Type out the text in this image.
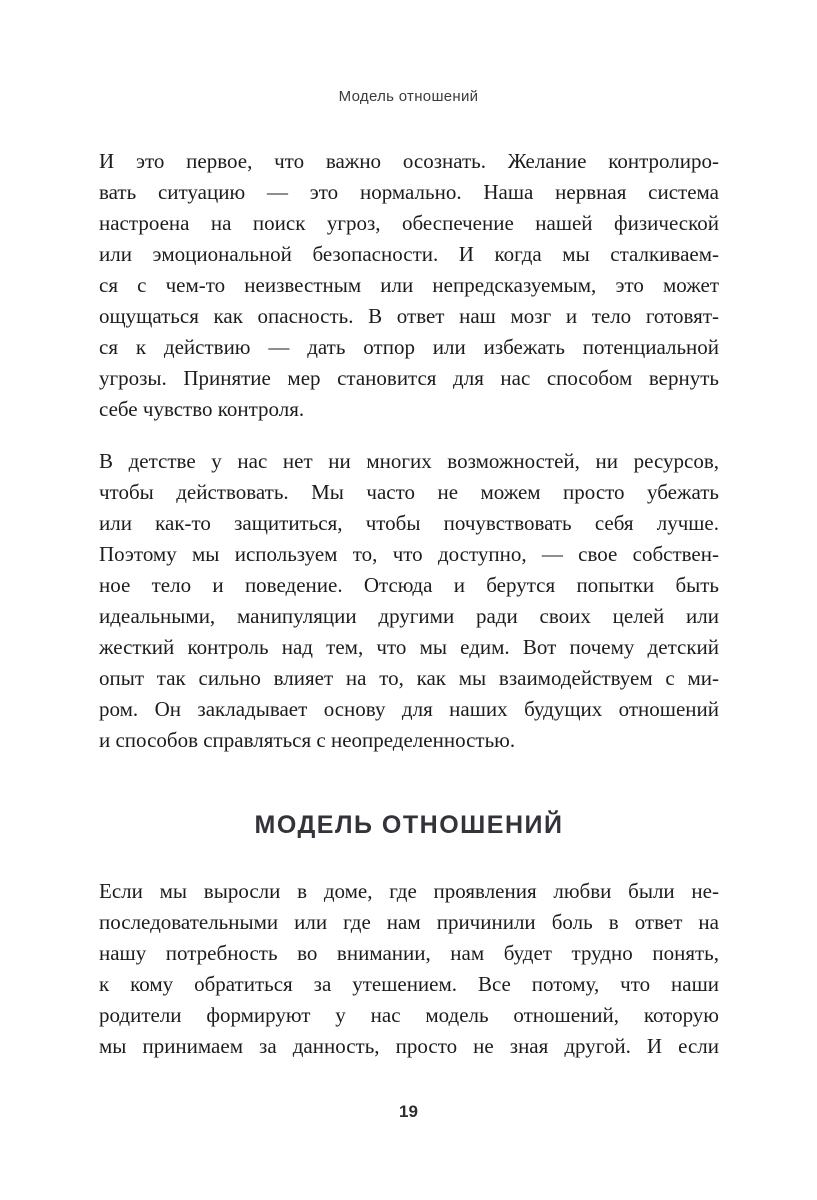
Модель отношений
И это первое, что важно осознать. Желание контролиро-
вать ситуацию — это нормально. Наша нервная система
настроена на поиск угроз, обеспечение нашей физической
или эмоциональной безопасности. И когда мы сталкиваем-
ся с чем-то неизвестным или непредсказуемым, это может
ощущаться как опасность. В ответ наш мозг и тело готовят-
ся к действию — дать отпор или избежать потенциальной
угрозы. Принятие мер становится для нас способом вернуть
себе чувство контроля.
В детстве у нас нет ни многих возможностей, ни ресурсов,
чтобы действовать. Мы часто не можем просто убежать
или как-то защититься, чтобы почувствовать себя лучше.
Поэтому мы используем то, что доступно, — свое собствен-
ное тело и поведение. Отсюда и берутся попытки быть
идеальными, манипуляции другими ради своих целей или
жесткий контроль над тем, что мы едим. Вот почему детский
опыт так сильно влияет на то, как мы взаимодействуем с ми-
ром. Он закладывает основу для наших будущих отношений
и способов справляться с неопределенностью.
МОДЕЛЬ ОТНОШЕНИЙ
Если мы выросли в доме, где проявления любви были не-
последовательными или где нам причинили боль в ответ на
нашу потребность во внимании, нам будет трудно понять,
к кому обратиться за утешением. Все потому, что наши
родители формируют у нас модель отношений, которую
мы принимаем за данность, просто не зная другой. И если
19
